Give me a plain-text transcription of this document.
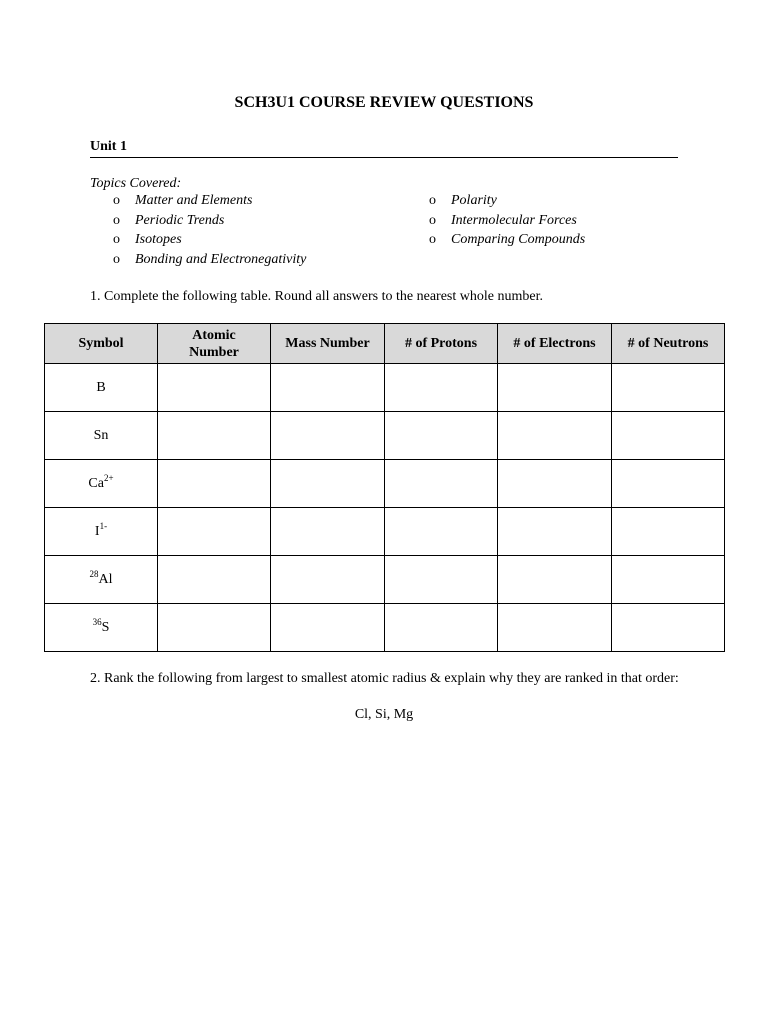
SCH3U1 COURSE REVIEW QUESTIONS
Unit 1
Topics Covered:
o Matter and Elements
o Periodic Trends
o Isotopes
o Bonding and Electronegativity
o Polarity
o Intermolecular Forces
o Comparing Compounds
1. Complete the following table. Round all answers to the nearest whole number.
Symbol	Atomic Number	Mass Number	# of Protons	# of Electrons	# of Neutrons
B					
Sn					
$Ca^{2+}$					
$I^{1-}$					
$^{28}$Al					
$^{36}$S					
2. Rank the following from largest to smallest atomic radius & explain why they are ranked in that order:
Cl, Si, Mg
